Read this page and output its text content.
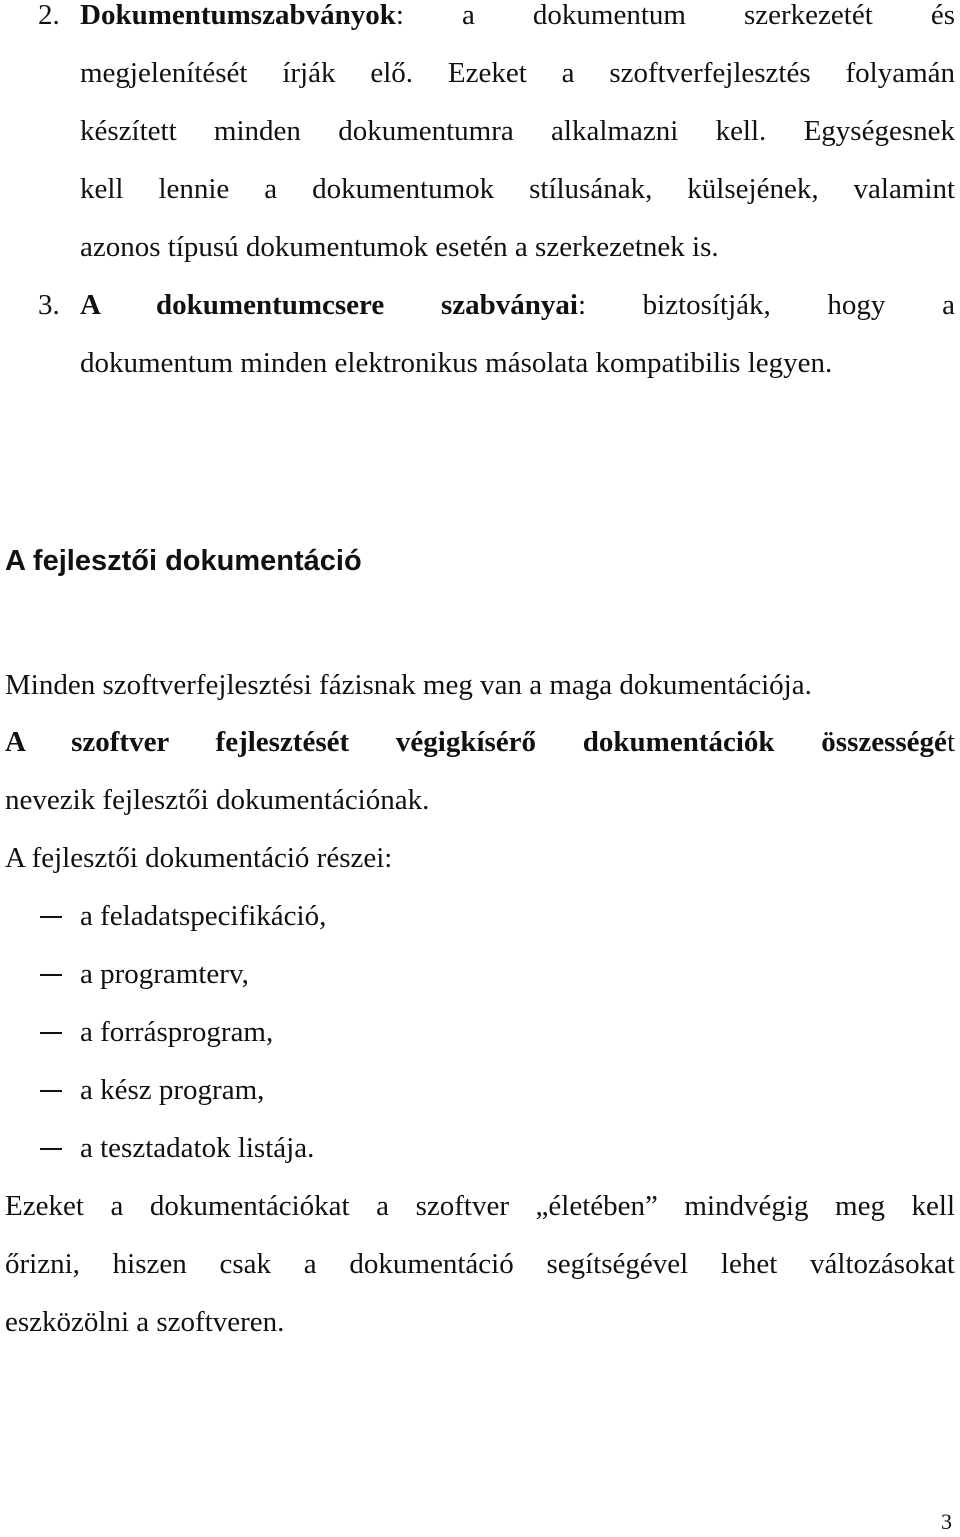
2. Dokumentumszabványok: a dokumentum szerkezetét és
megjelenítését írják elő. Ezeket a szoftverfejlesztés folyamán
készített minden dokumentumra alkalmazni kell. Egységesnek
kell lennie a dokumentumok stílusának, külsejének, valamint
azonos típusú dokumentumok esetén a szerkezetnek is.
3. A dokumentumcsere szabványai: biztosítják, hogy a
dokumentum minden elektronikus másolata kompatibilis legyen.
A fejlesztői dokumentáció
Minden szoftverfejlesztési fázisnak meg van a maga dokumentációja.
A szoftver fejlesztését végigkísérő dokumentációk összességét
nevezik fejlesztői dokumentációnak.
A fejlesztői dokumentáció részei:
a feladatspecifikáció,
a programterv,
a forrásprogram,
a kész program,
a tesztadatok listája.
Ezeket a dokumentációkat a szoftver „életében” mindvégig meg kell
őrizni, hiszen csak a dokumentáció segítségével lehet változásokat
eszközölni a szoftveren.
3
